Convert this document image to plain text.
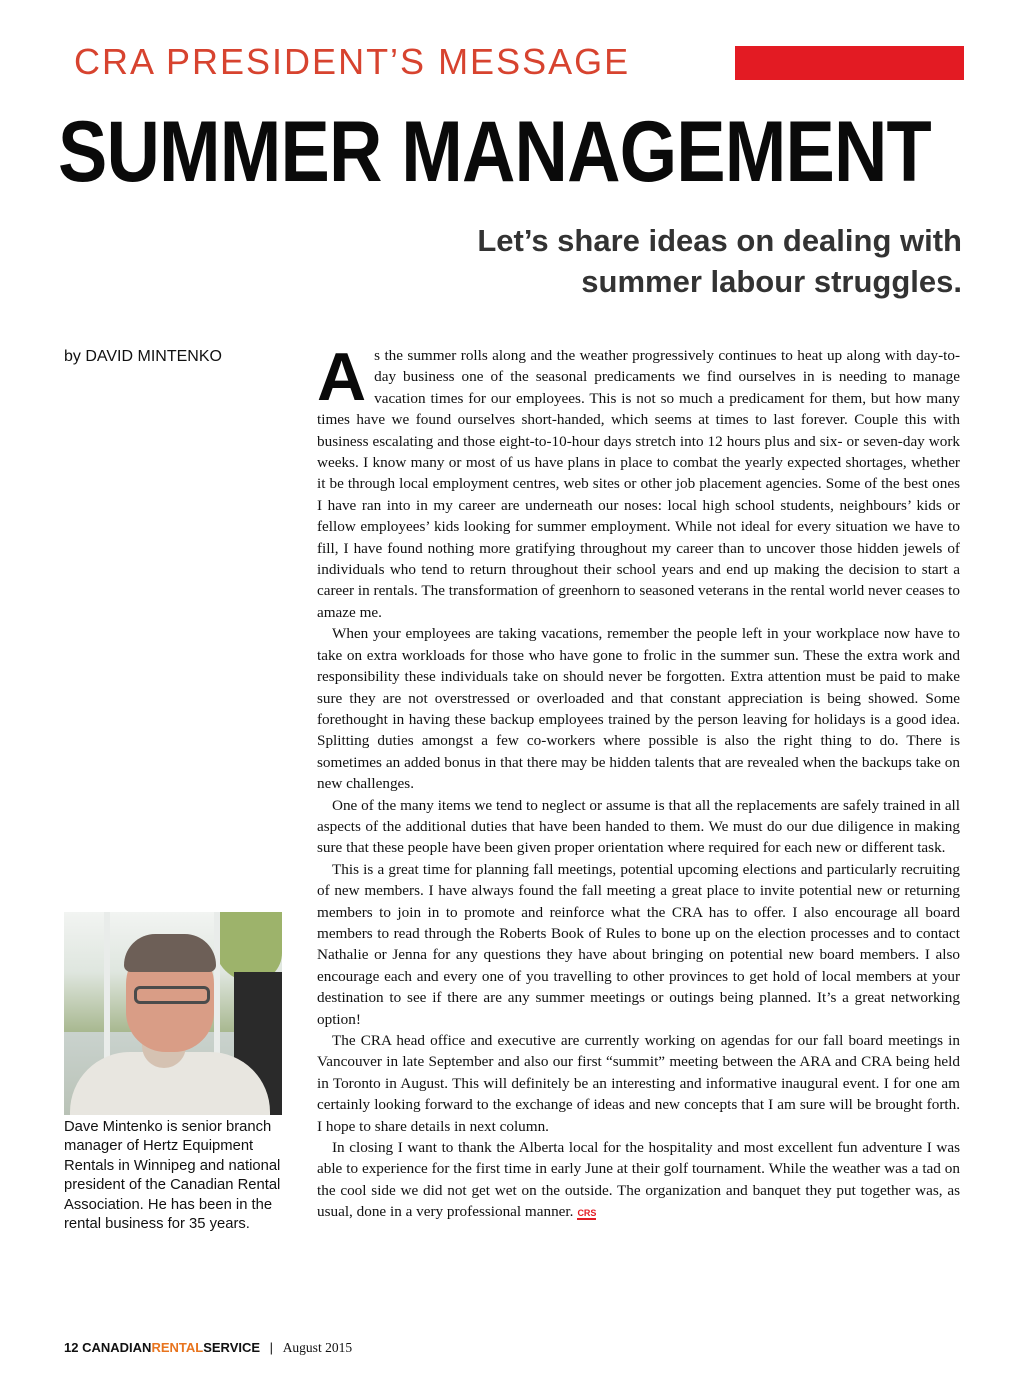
CRA PRESIDENT’S MESSAGE
SUMMER MANAGEMENT
Let’s share ideas on dealing with
summer labour struggles.
by DAVID MINTENKO
Dave Mintenko is senior branch manager of Hertz Equipment Rentals in Winnipeg and national president of the Canadian Rental Association. He has been in the rental business for 35 years.
A s the summer rolls along and the weather progressively continues to heat up along with day-to-day business one of the seasonal predicaments we find ourselves in is needing to manage vacation times for our employees. This is not so much a predicament for them, but how many times have we found ourselves short-handed, which seems at times to last forever. Couple this with business escalating and those eight-to-10-hour days stretch into 12 hours plus and six- or seven-day work weeks. I know many or most of us have plans in place to combat the yearly expected shortages, whether it be through local employment centres, web sites or other job placement agencies. Some of the best ones I have ran into in my career are underneath our noses: local high school students, neighbours’ kids or fellow employees’ kids looking for summer employment. While not ideal for every situation we have to fill, I have found nothing more gratifying throughout my career than to uncover those hidden jewels of individuals who tend to return throughout their school years and end up making the decision to start a career in rentals. The transformation of greenhorn to seasoned veterans in the rental world never ceases to amaze me.

When your employees are taking vacations, remember the people left in your workplace now have to take on extra workloads for those who have gone to frolic in the summer sun. These the extra work and responsibility these individuals take on should never be forgotten. Extra attention must be paid to make sure they are not overstressed or overloaded and that constant appreciation is being showed. Some forethought in having these backup employees trained by the person leaving for holidays is a good idea. Splitting duties amongst a few co-workers where possible is also the right thing to do. There is sometimes an added bonus in that there may be hidden talents that are revealed when the backups take on new challenges.

One of the many items we tend to neglect or assume is that all the replacements are safely trained in all aspects of the additional duties that have been handed to them. We must do our due diligence in making sure that these people have been given proper orientation where required for each new or different task.

This is a great time for planning fall meetings, potential upcoming elections and particularly recruiting of new members. I have always found the fall meeting a great place to invite potential new or returning members to join in to promote and reinforce what the CRA has to offer. I also encourage all board members to read through the Roberts Book of Rules to bone up on the election processes and to contact Nathalie or Jenna for any questions they have about bringing on potential new board members. I also encourage each and every one of you travelling to other provinces to get hold of local members at your destination to see if there are any summer meetings or outings being planned. It’s a great networking option!

The CRA head office and executive are currently working on agendas for our fall board meetings in Vancouver in late September and also our first “summit” meeting between the ARA and CRA being held in Toronto in August. This will definitely be an interesting and informative inaugural event. I for one am certainly looking forward to the exchange of ideas and new concepts that I am sure will be brought forth. I hope to share details in next column.

In closing I want to thank the Alberta local for the hospitality and most excellent fun adventure I was able to experience for the first time in early June at their golf tournament. While the weather was a tad on the cool side we did not get wet on the outside. The organization and banquet they put together was, as usual, done in a very professional manner. CRS

12 CANADIANRENTALSERVICE | August 2015
